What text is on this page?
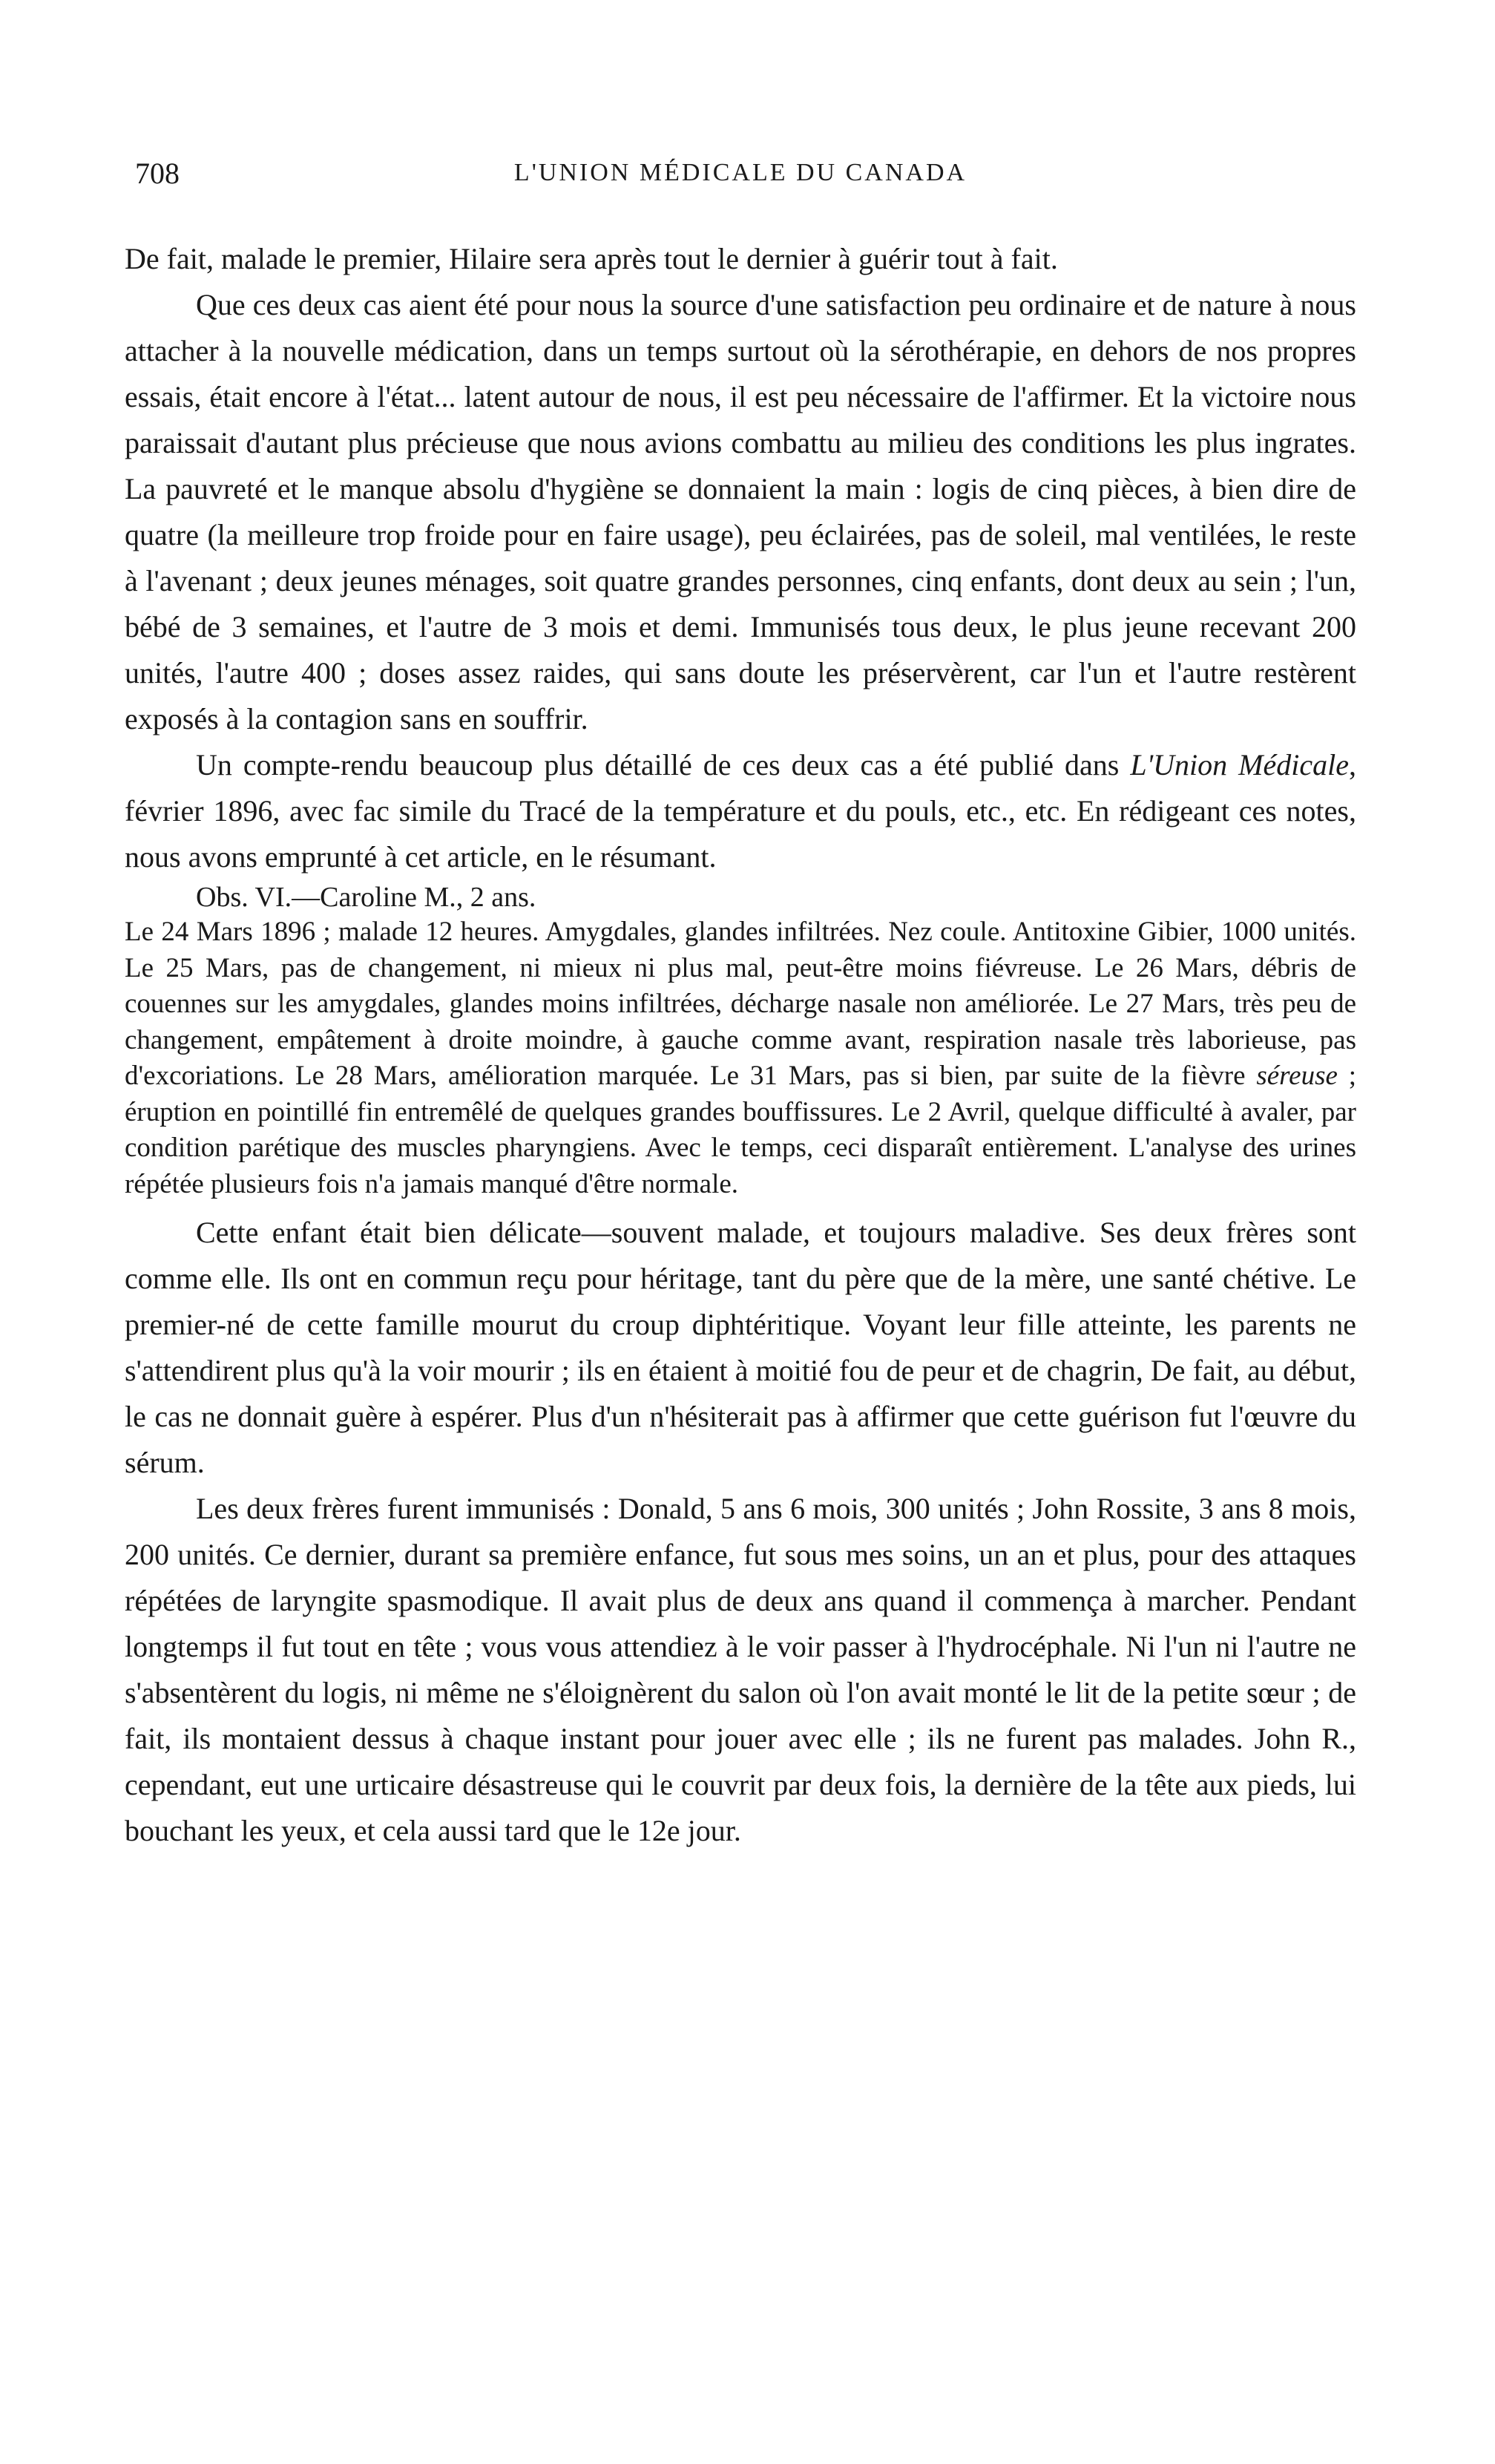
708	L'UNION MÉDICALE DU CANADA

De fait, malade le premier, Hilaire sera après tout le dernier à guérir tout à fait.

Que ces deux cas aient été pour nous la source d'une satisfaction peu ordinaire et de nature à nous attacher à la nouvelle médication, dans un temps surtout où la sérothérapie, en dehors de nos propres essais, était encore à l'état... latent autour de nous, il est peu nécessaire de l'affirmer. Et la victoire nous paraissait d'autant plus précieuse que nous avions combattu au milieu des conditions les plus ingrates. La pauvreté et le manque absolu d'hygiène se donnaient la main : logis de cinq pièces, à bien dire de quatre (la meilleure trop froide pour en faire usage), peu éclairées, pas de soleil, mal ventilées, le reste à l'avenant ; deux jeunes ménages, soit quatre grandes personnes, cinq enfants, dont deux au sein ; l'un, bébé de 3 semaines, et l'autre de 3 mois et demi. Immunisés tous deux, le plus jeune recevant 200 unités, l'autre 400 ; doses assez raides, qui sans doute les préservèrent, car l'un et l'autre restèrent exposés à la contagion sans en souffrir.

Un compte-rendu beaucoup plus détaillé de ces deux cas a été publié dans L'Union Médicale, février 1896, avec fac simile du Tracé de la température et du pouls, etc., etc. En rédigeant ces notes, nous avons emprunté à cet article, en le résumant.

Obs. VI.—Caroline M., 2 ans.

Le 24 Mars 1896 ; malade 12 heures. Amygdales, glandes infiltrées. Nez coule. Antitoxine Gibier, 1000 unités. Le 25 Mars, pas de changement, ni mieux ni plus mal, peut-être moins fiévreuse. Le 26 Mars, débris de couennes sur les amygdales, glandes moins infiltrées, décharge nasale non améliorée. Le 27 Mars, très peu de changement, empâtement à droite moindre, à gauche comme avant, respiration nasale très laborieuse, pas d'excoriations. Le 28 Mars, amélioration marquée. Le 31 Mars, pas si bien, par suite de la fièvre séreuse ; éruption en pointillé fin entremêlé de quelques grandes bouffissures. Le 2 Avril, quelque difficulté à avaler, par condition parétique des muscles pharyngiens. Avec le temps, ceci disparaît entièrement. L'analyse des urines répétée plusieurs fois n'a jamais manqué d'être normale.

Cette enfant était bien délicate—souvent malade, et toujours maladive. Ses deux frères sont comme elle. Ils ont en commun reçu pour héritage, tant du père que de la mère, une santé chétive. Le premier-né de cette famille mourut du croup diphtéritique. Voyant leur fille atteinte, les parents ne s'attendirent plus qu'à la voir mourir ; ils en étaient à moitié fou de peur et de chagrin, De fait, au début, le cas ne donnait guère à espérer. Plus d'un n'hésiterait pas à affirmer que cette guérison fut l'œuvre du sérum.

Les deux frères furent immunisés : Donald, 5 ans 6 mois, 300 unités ; John Rossite, 3 ans 8 mois, 200 unités. Ce dernier, durant sa première enfance, fut sous mes soins, un an et plus, pour des attaques répétées de laryngite spasmodique. Il avait plus de deux ans quand il commença à marcher. Pendant longtemps il fut tout en tête ; vous vous attendiez à le voir passer à l'hydrocéphale. Ni l'un ni l'autre ne s'absentèrent du logis, ni même ne s'éloignèrent du salon où l'on avait monté le lit de la petite sœur ; de fait, ils montaient dessus à chaque instant pour jouer avec elle ; ils ne furent pas malades. John R., cependant, eut une urticaire désastreuse qui le couvrit par deux fois, la dernière de la tête aux pieds, lui bouchant les yeux, et cela aussi tard que le 12e jour.
